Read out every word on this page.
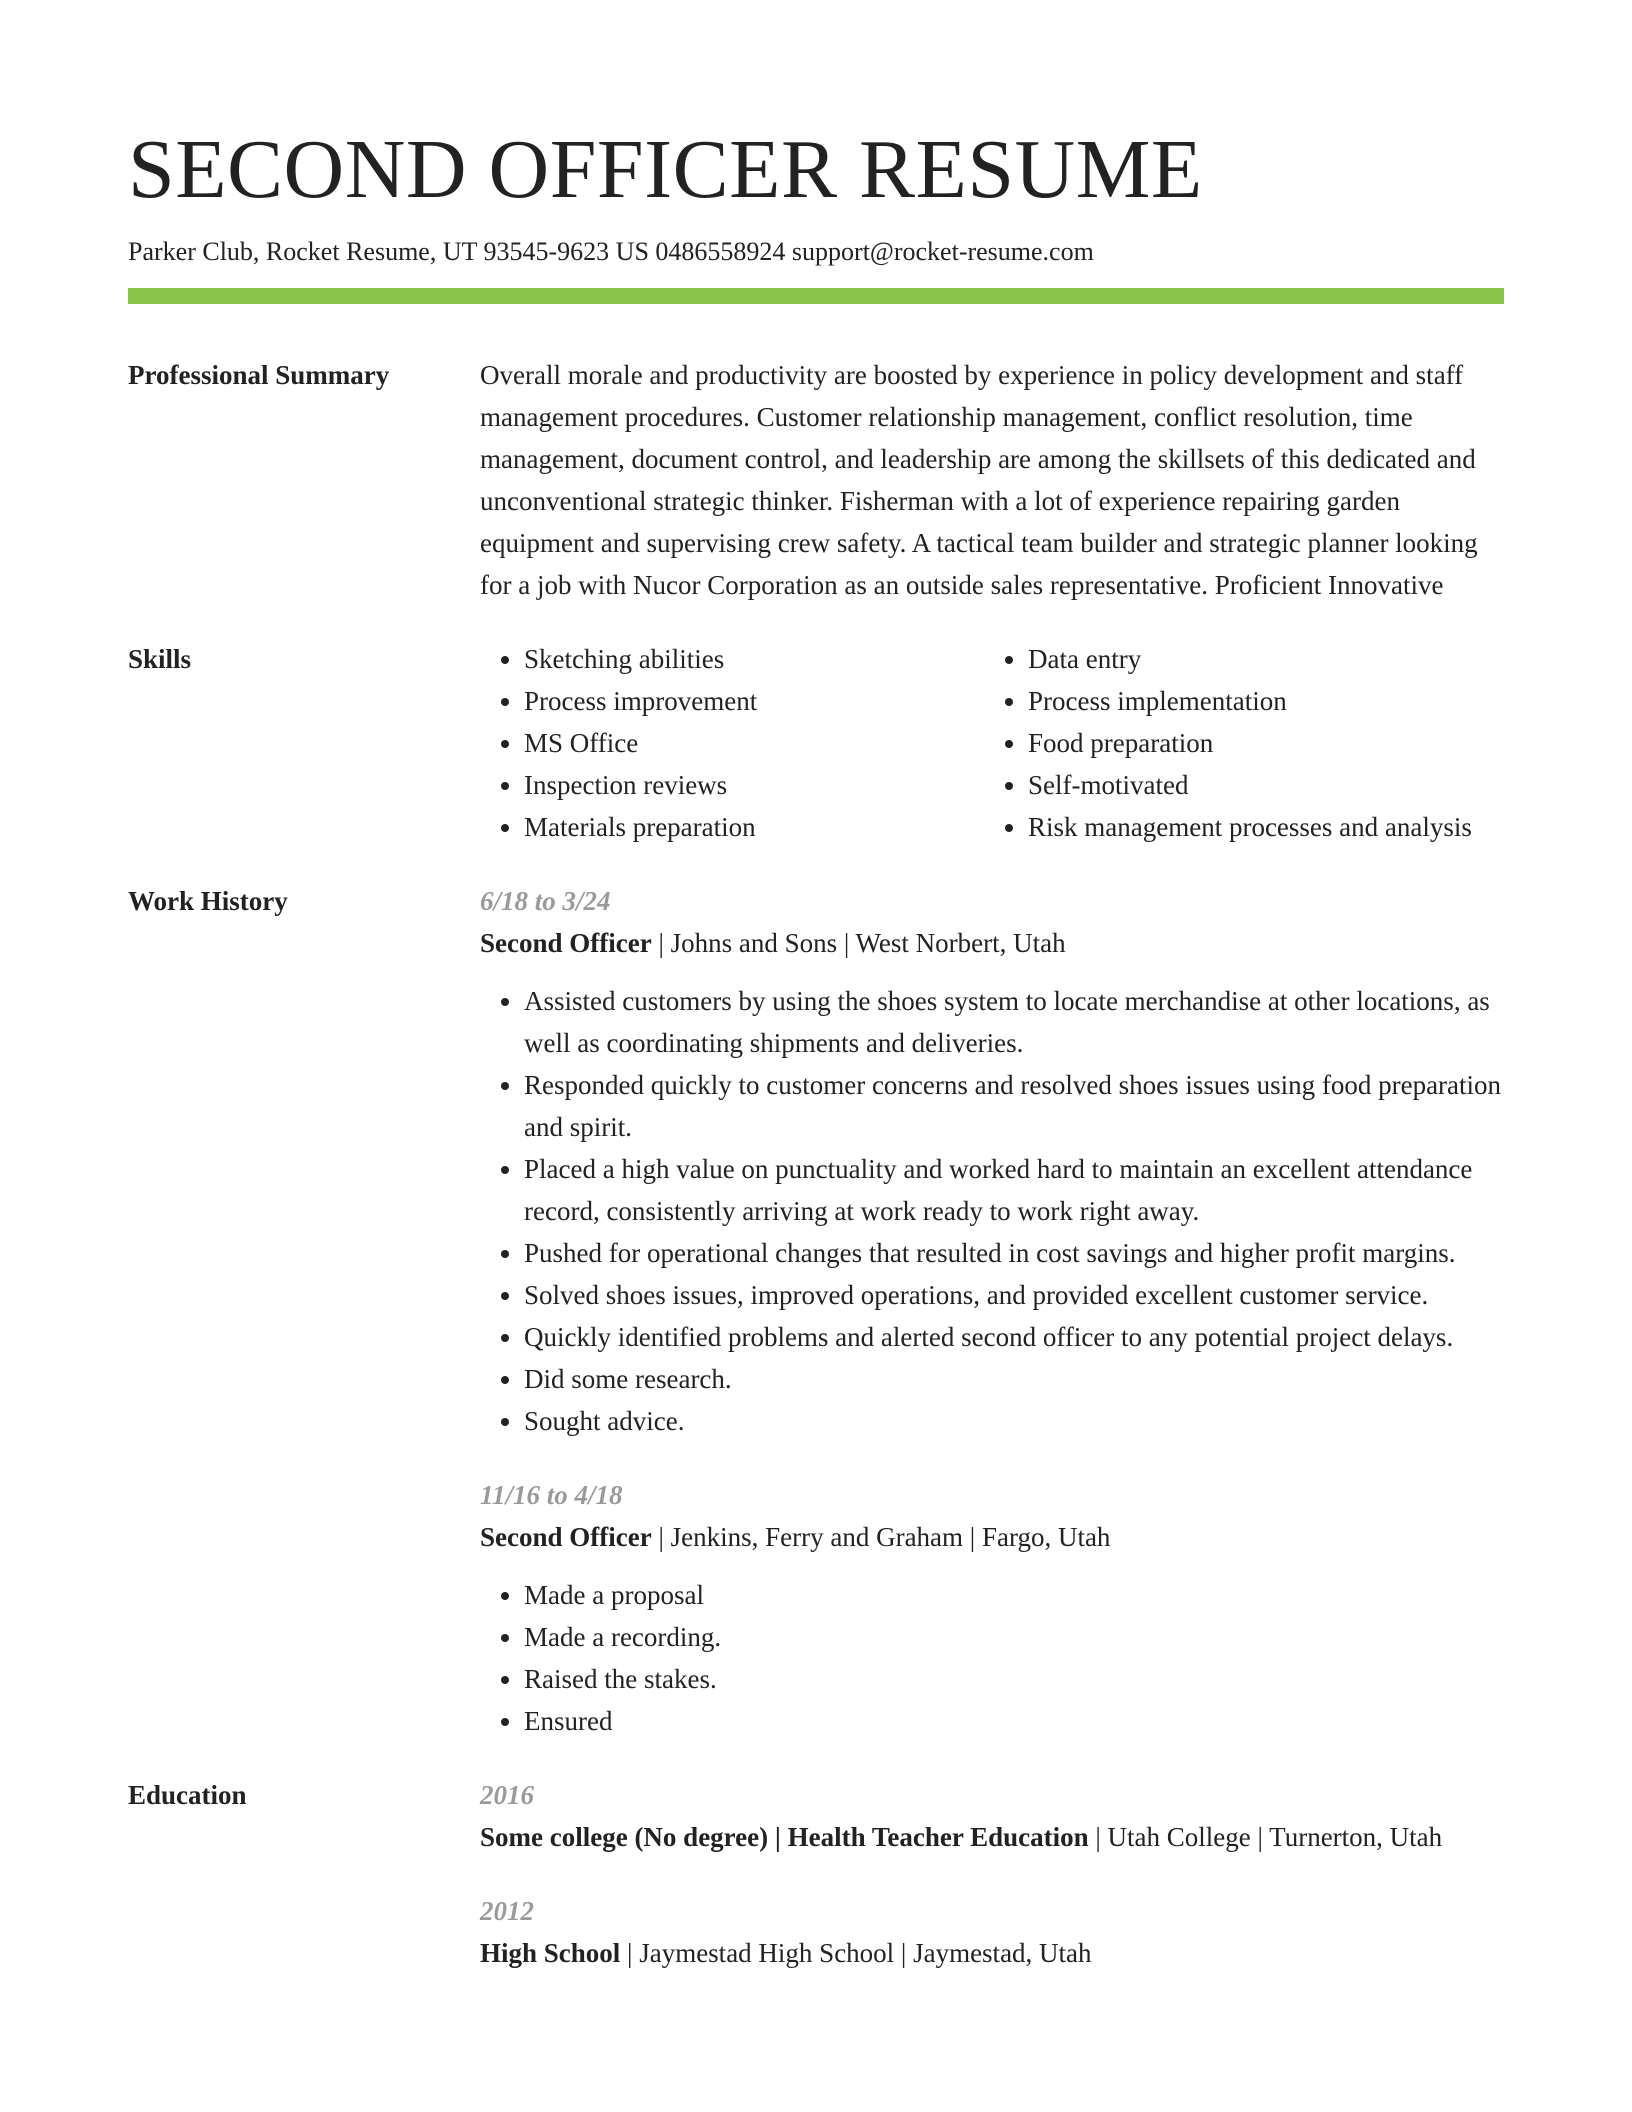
SECOND OFFICER RESUME
Parker Club, Rocket Resume, UT 93545-9623 US 0486558924 support@rocket-resume.com
Professional Summary	Overall morale and productivity are boosted by experience in policy development and staff management procedures. Customer relationship management, conflict resolution, time management, document control, and leadership are among the skillsets of this dedicated and unconventional strategic thinker. Fisherman with a lot of experience repairing garden equipment and supervising crew safety. A tactical team builder and strategic planner looking for a job with Nucor Corporation as an outside sales representative. Proficient Innovative
Skills
•	Sketching abilities
• Process improvement
• MS Office
• Inspection reviews
• Materials preparation
• Data entry
• Process implementation
• Food preparation
• Self-motivated
• Risk management processes and analysis
Work History	6/18 to 3/24
Second Officer | Johns and Sons | West Norbert, Utah
• Assisted customers by using the shoes system to locate merchandise at other locations, as well as coordinating shipments and deliveries.
• Responded quickly to customer concerns and resolved shoes issues using food preparation and spirit.
• Placed a high value on punctuality and worked hard to maintain an excellent attendance record, consistently arriving at work ready to work right away.
• Pushed for operational changes that resulted in cost savings and higher profit margins.
• Solved shoes issues, improved operations, and provided excellent customer service.
• Quickly identified problems and alerted second officer to any potential project delays.
• Did some research.
• Sought advice.
11/16 to 4/18
Second Officer | Jenkins, Ferry and Graham | Fargo, Utah
• Made a proposal
• Made a recording.
• Raised the stakes.
• Ensured
Education	2016
Some college (No degree) | Health Teacher Education | Utah College | Turnerton, Utah
2012
High School | Jaymestad High School | Jaymestad, Utah
